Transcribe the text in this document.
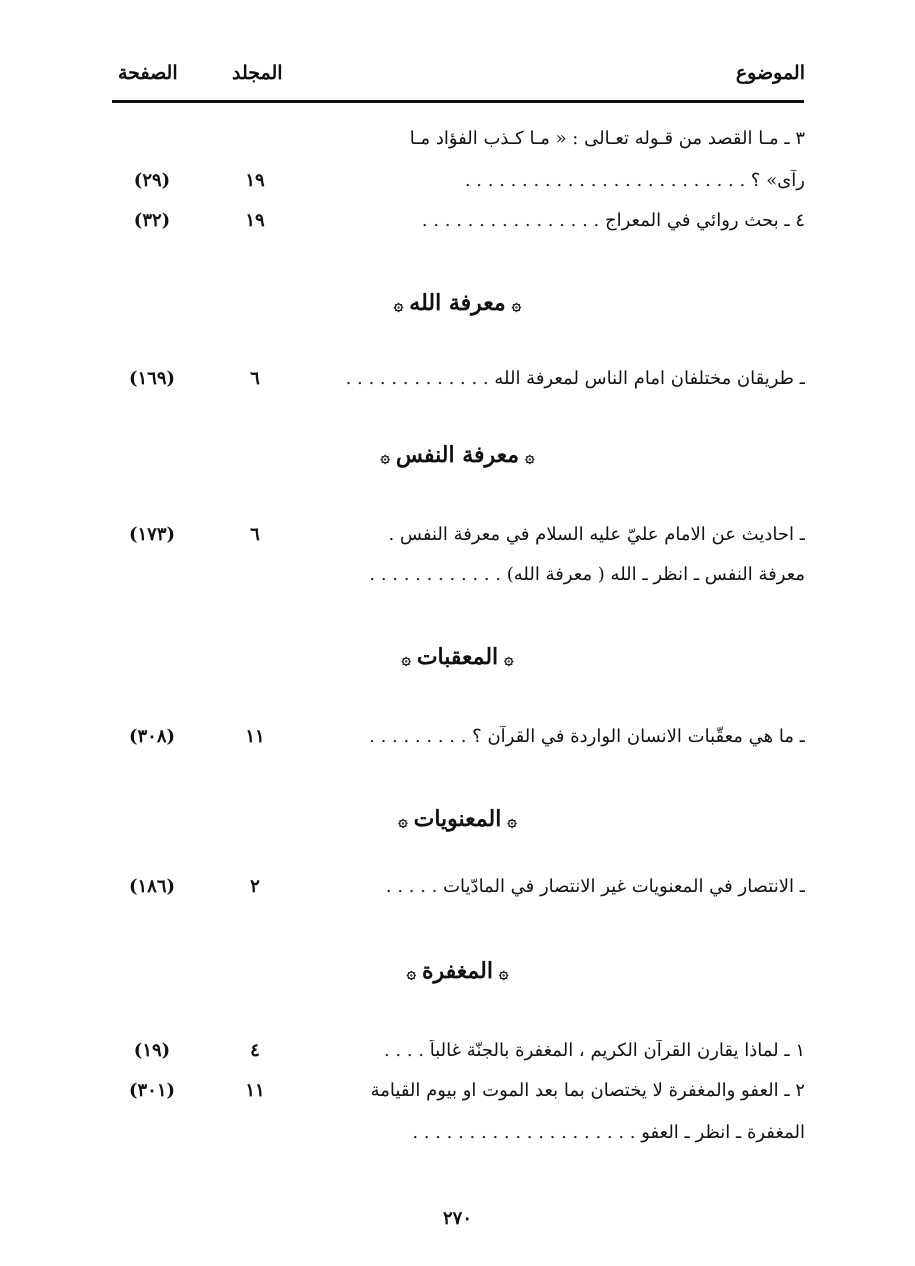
الموضوع
المجلد
الصفحة
٣ ـ مـا القصد من قـوله تعـالى : « مـا كـذب الفؤاد مـا
رآى» ؟ . . . . . . . . . . . . . . . . . . . . . . . . .
١٩
(٢٩)
٤ ـ بحث روائي في المعراج . . . . . . . . . . . . . . . .
١٩
(٣٢)
۞معرفة الله۞
ـ طريقان مختلفان امام الناس لمعرفة الله . . . . . . . . . . . . .
٦
(١٦٩)
۞معرفة النفس۞
ـ احاديث عن الامام عليّ عليه السلام في معرفة النفس .
٦
(١٧٣)
معرفة النفس ـ انظر ـ الله ( معرفة الله) . . . . . . . . . . . .
۞المعقبات۞
ـ ما هي معقّبات الانسان الواردة في القرآن ؟ . . . . . . . . .
١١
(٣٠٨)
۞المعنويات۞
ـ الانتصار في المعنويات غير الانتصار في المادّيات . . . . .
٢
(١٨٦)
۞المغفرة۞
١ ـ لماذا يقارن القرآن الكريم ، المغفرة بالجنّة غالباً . . . .
٤
(١٩)
٢ ـ العفو والمغفرة لا يختصان بما بعد الموت او بيوم القيامة
١١
(٣٠١)
المغفرة ـ انظر ـ العفو . . . . . . . . . . . . . . . . . . . .
٢٧٠
